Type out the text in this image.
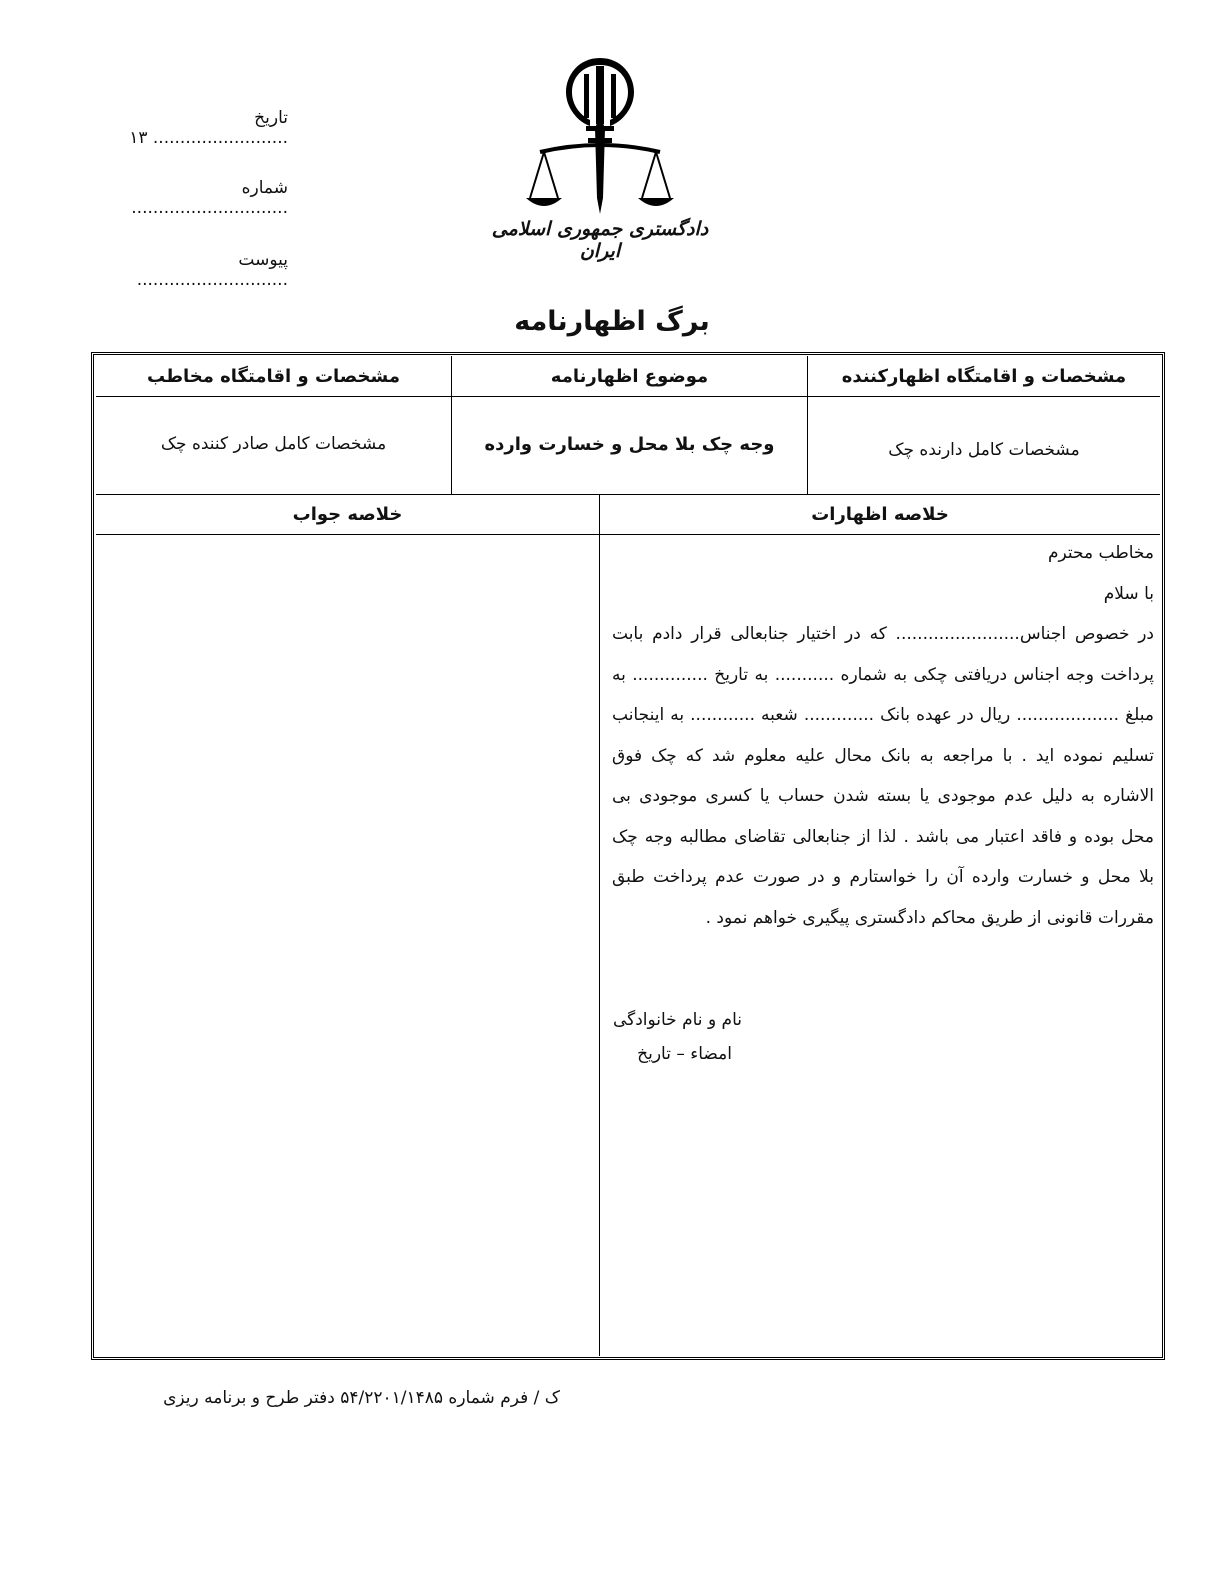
تاریخ ......................... ۱۳
شماره .............................
پیوست ............................
دادگستری جمهوری اسلامی ایران
برگ اظهارنامه
مشخصات و اقامتگاه اظهارکننده
موضوع اظهارنامه
مشخصات و اقامتگاه مخاطب
مشخصات کامل دارنده چک
وجه چک بلا محل و خسارت وارده
مشخصات کامل صادر کننده چک
خلاصه اظهارات
خلاصه جواب

مخاطب محترم

با سلام

در خصوص اجناس....................... که در اختیار جنابعالی قرار دادم بابت

پرداخت وجه اجناس دریافتی چکی به شماره ........... به تاریخ .............. به

مبلغ ................... ریال در عهده بانک ............. شعبه ............ به اینجانب

تسلیم نموده اید . با مراجعه به بانک محال علیه معلوم شد که چک فوق

الاشاره به دلیل عدم موجودی یا بسته شدن حساب یا کسری موجودی بی

محل بوده و فاقد اعتبار می باشد . لذا از جنابعالی تقاضای مطالبه وجه چک

بلا محل و خسارت وارده آن را خواستارم و در صورت عدم پرداخت طبق

مقررات قانونی از طریق محاکم دادگستری پیگیری خواهم نمود .

نام و نام خانوادگی
امضاء – تاریخ
ک / فرم شماره ۵۴/۲۲۰۱/۱۴۸۵ دفتر طرح و برنامه ریزی
